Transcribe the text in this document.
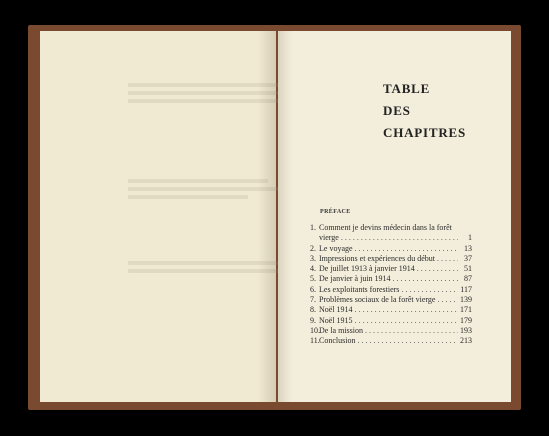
TABLE
DES
CHAPITRES
PRÉFACE
1. Comment je devins médecin dans la forêt
vierge . . .	1
2. Le voyage . . .	13
3. Impressions et expériences du début . . .	37
4. De juillet 1913 à janvier 1914 . . .	51
5. De janvier à juin 1914 . . .	87
6. Les exploitants forestiers . . .	117
7. Problèmes sociaux de la forêt vierge . . .	139
8. Noël 1914 . . .	171
9. Noël 1915 . . .	179
10. De la mission . . .	193
11. Conclusion . . .	213
